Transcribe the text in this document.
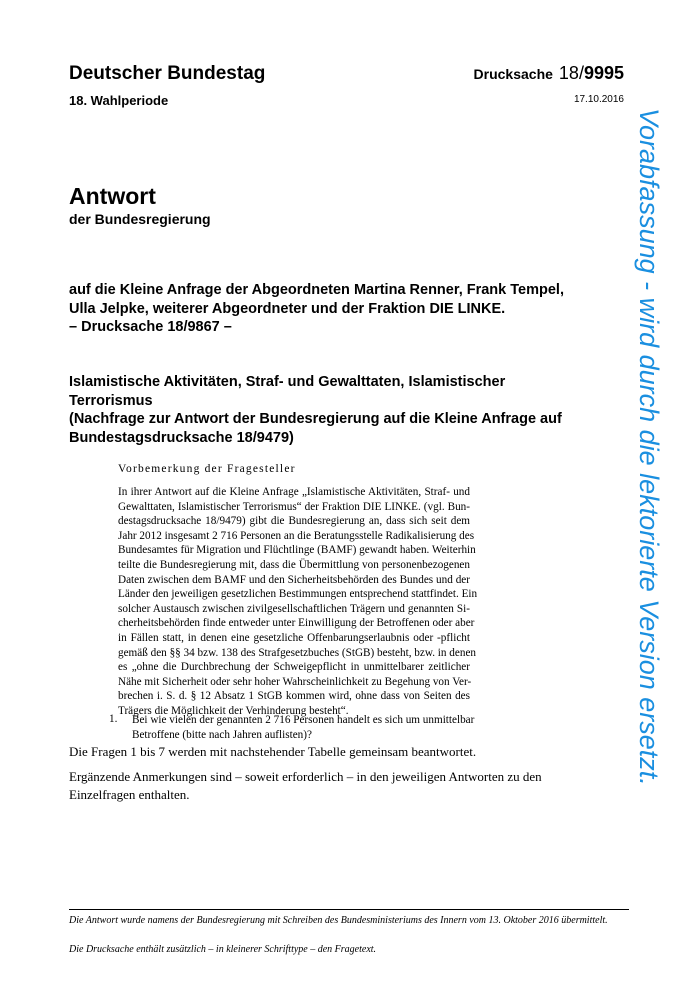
Deutscher Bundestag
18. Wahlperiode
Drucksache 18/9995
17.10.2016
Antwort
der Bundesregierung
auf die Kleine Anfrage der Abgeordneten Martina Renner, Frank Tempel,
Ulla Jelpke, weiterer Abgeordneter und der Fraktion DIE LINKE.
– Drucksache 18/9867 –
Islamistische Aktivitäten, Straf- und Gewalttaten, Islamistischer Terrorismus
(Nachfrage zur Antwort der Bundesregierung auf die Kleine Anfrage auf
Bundestagsdrucksache 18/9479)
Vorbemerkung der Fragesteller
In ihrer Antwort auf die Kleine Anfrage „Islamistische Aktivitäten, Straf- und
Gewalttaten, Islamistischer Terrorismus“ der Fraktion DIE LINKE. (vgl. Bun-
destagsdrucksache 18/9479) gibt die Bundesregierung an, dass sich seit dem
Jahr 2012 insgesamt 2 716 Personen an die Beratungsstelle Radikalisierung des
Bundesamtes für Migration und Flüchtlinge (BAMF) gewandt haben. Weiterhin
teilte die Bundesregierung mit, dass die Übermittlung von personenbezogenen
Daten zwischen dem BAMF und den Sicherheitsbehörden des Bundes und der
Länder den jeweiligen gesetzlichen Bestimmungen entsprechend stattfindet. Ein
solcher Austausch zwischen zivilgesellschaftlichen Trägern und genannten Si-
cherheitsbehörden finde entweder unter Einwilligung der Betroffenen oder aber
in Fällen statt, in denen eine gesetzliche Offenbarungserlaubnis oder -pflicht
gemäß den §§ 34 bzw. 138 des Strafgesetzbuches (StGB) besteht, bzw. in denen
es „ohne die Durchbrechung der Schweigepflicht in unmittelbarer zeitlicher
Nähe mit Sicherheit oder sehr hoher Wahrscheinlichkeit zu Begehung von Ver-
brechen i. S. d. § 12 Absatz 1 StGB kommen wird, ohne dass von Seiten des
Trägers die Möglichkeit der Verhinderung besteht“.
1. Bei wie vielen der genannten 2 716 Personen handelt es sich um unmittelbar Betroffene (bitte nach Jahren auflisten)?
Die Fragen 1 bis 7 werden mit nachstehender Tabelle gemeinsam beantwortet.
Ergänzende Anmerkungen sind – soweit erforderlich – in den jeweiligen Antworten zu den Einzelfragen enthalten.
Die Antwort wurde namens der Bundesregierung mit Schreiben des Bundesministeriums des Innern vom 13. Oktober 2016 übermittelt.
Die Drucksache enthält zusätzlich – in kleinerer Schrifttype – den Fragetext.
Vorabfassung - wird durch die lektorierte Version ersetzt.
